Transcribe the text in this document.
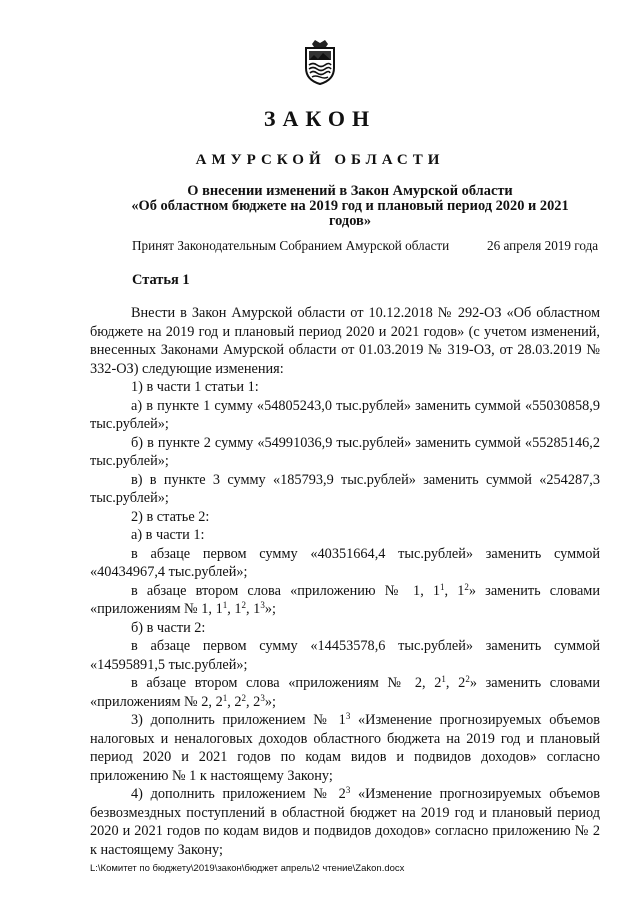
ЗАКОН
АМУРСКОЙ ОБЛАСТИ
О внесении изменений в Закон Амурской области
«Об областном бюджете на 2019 год и плановый период 2020 и 2021
годов»
Принят Законодательным Собранием Амурской области	26 апреля 2019 года
Статья 1

Внести в Закон Амурской области от 10.12.2018 № 292-ОЗ «Об областном бюджете на 2019 год и плановый период 2020 и 2021 годов» (с учетом изменений, внесенных Законами Амурской области от 01.03.2019 № 319-ОЗ, от 28.03.2019 № 332-ОЗ) следующие изменения:

1) в части 1 статьи 1:

а) в пункте 1 сумму «54805243,0 тыс.рублей» заменить суммой «55030858,9 тыс.рублей»;

б) в пункте 2 сумму «54991036,9 тыс.рублей» заменить суммой «55285146,2 тыс.рублей»;

в) в пункте 3 сумму «185793,9 тыс.рублей» заменить суммой «254287,3 тыс.рублей»;

2) в статье 2:

а) в части 1:

в абзаце первом сумму «40351664,4 тыс.рублей» заменить суммой «40434967,4 тыс.рублей»;

в абзаце втором слова «приложению № 1, $1^1$, $1^2$» заменить словами «приложениям № 1, $1^1$, $1^2$, $1^3$»;

б) в части 2:

в абзаце первом сумму «14453578,6 тыс.рублей» заменить суммой «14595891,5 тыс.рублей»;

в абзаце втором слова «приложениям № 2, $2^1$, $2^2$» заменить словами «приложениям № 2, $2^1$, $2^2$, $2^3$»;

3) дополнить приложением № $1^3$ «Изменение прогнозируемых объемов налоговых и неналоговых доходов областного бюджета на 2019 год и плановый период 2020 и 2021 годов по кодам видов и подвидов доходов» согласно приложению № 1 к настоящему Закону;

4) дополнить приложением № $2^3$ «Изменение прогнозируемых объемов безвозмездных поступлений в областной бюджет на 2019 год и плановый период 2020 и 2021 годов по кодам видов и подвидов доходов» согласно приложению № 2 к настоящему Закону;

L:\Комитет по бюджету\2019\закон\бюджет апрель\2 чтение\Zakon.docx
